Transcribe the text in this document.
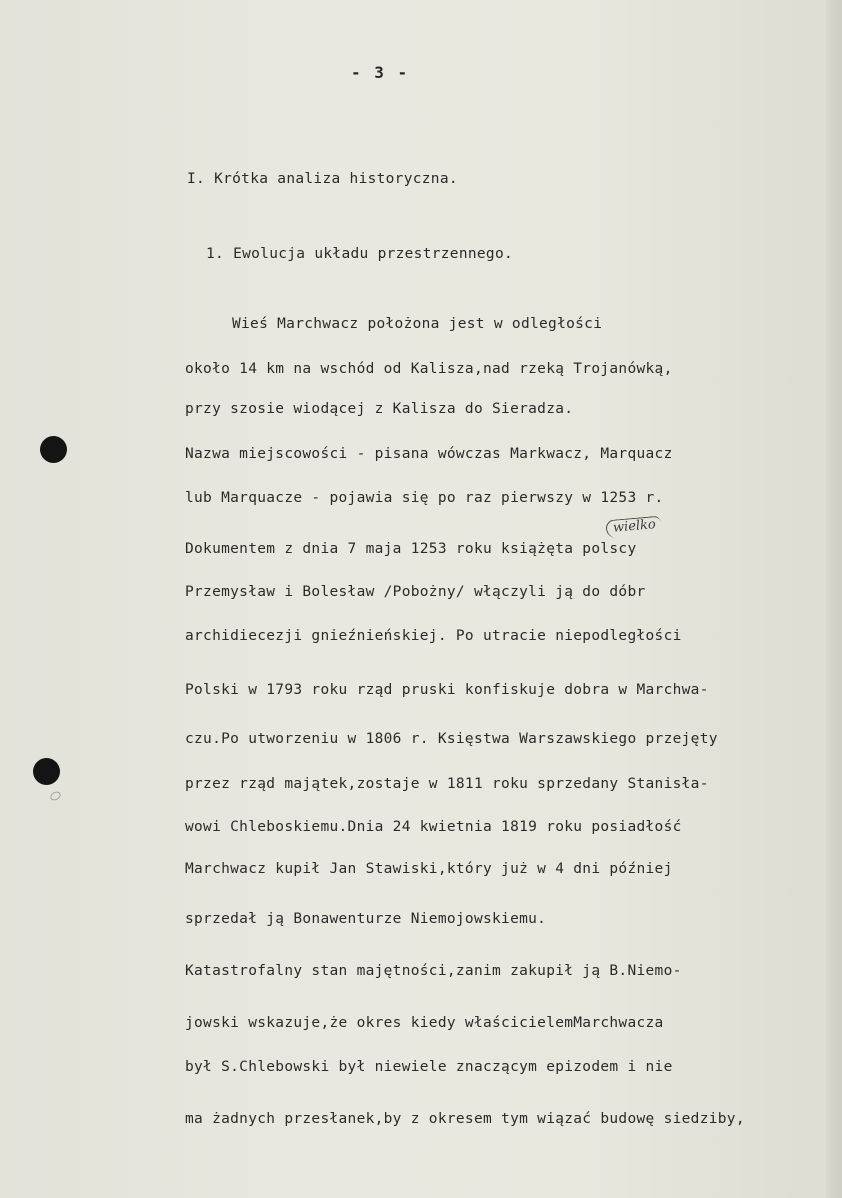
- 3 -
I. Krótka analiza historyczna.
1. Ewolucja układu przestrzennego.
Wieś Marchwacz położona jest w odległości
około 14 km na wschód od Kalisza,nad rzeką Trojanówką,
przy szosie wiodącej z Kalisza do Sieradza.
Nazwa miejscowości - pisana wówczas Markwacz, Marquacz
lub Marquacze - pojawia się po raz pierwszy w 1253 r.
Dokumentem z dnia 7 maja 1253 roku książęta polscy
Przemysław i Bolesław /Pobożny/ włączyli ją do dóbr
archidiecezji gnieźnieńskiej. Po utracie niepodległości
Polski w 1793 roku rząd pruski konfiskuje dobra w Marchwa-
czu.Po utworzeniu w 1806 r. Księstwa Warszawskiego przejęty
przez rząd majątek,zostaje w 1811 roku sprzedany Stanisła-
wowi Chleboskiemu.Dnia 24 kwietnia 1819 roku posiadłość
Marchwacz kupił Jan Stawiski,który już w 4 dni później
sprzedał ją Bonawenturze Niemojowskiemu.
Katastrofalny stan majętności,zanim zakupił ją B.Niemo-
jowski wskazuje,że okres kiedy właścicielemMarchwacza
był S.Chlebowski był niewiele znaczącym epizodem i nie
ma żadnych przesłanek,by z okresem tym wiązać budowę siedziby,
wielko
